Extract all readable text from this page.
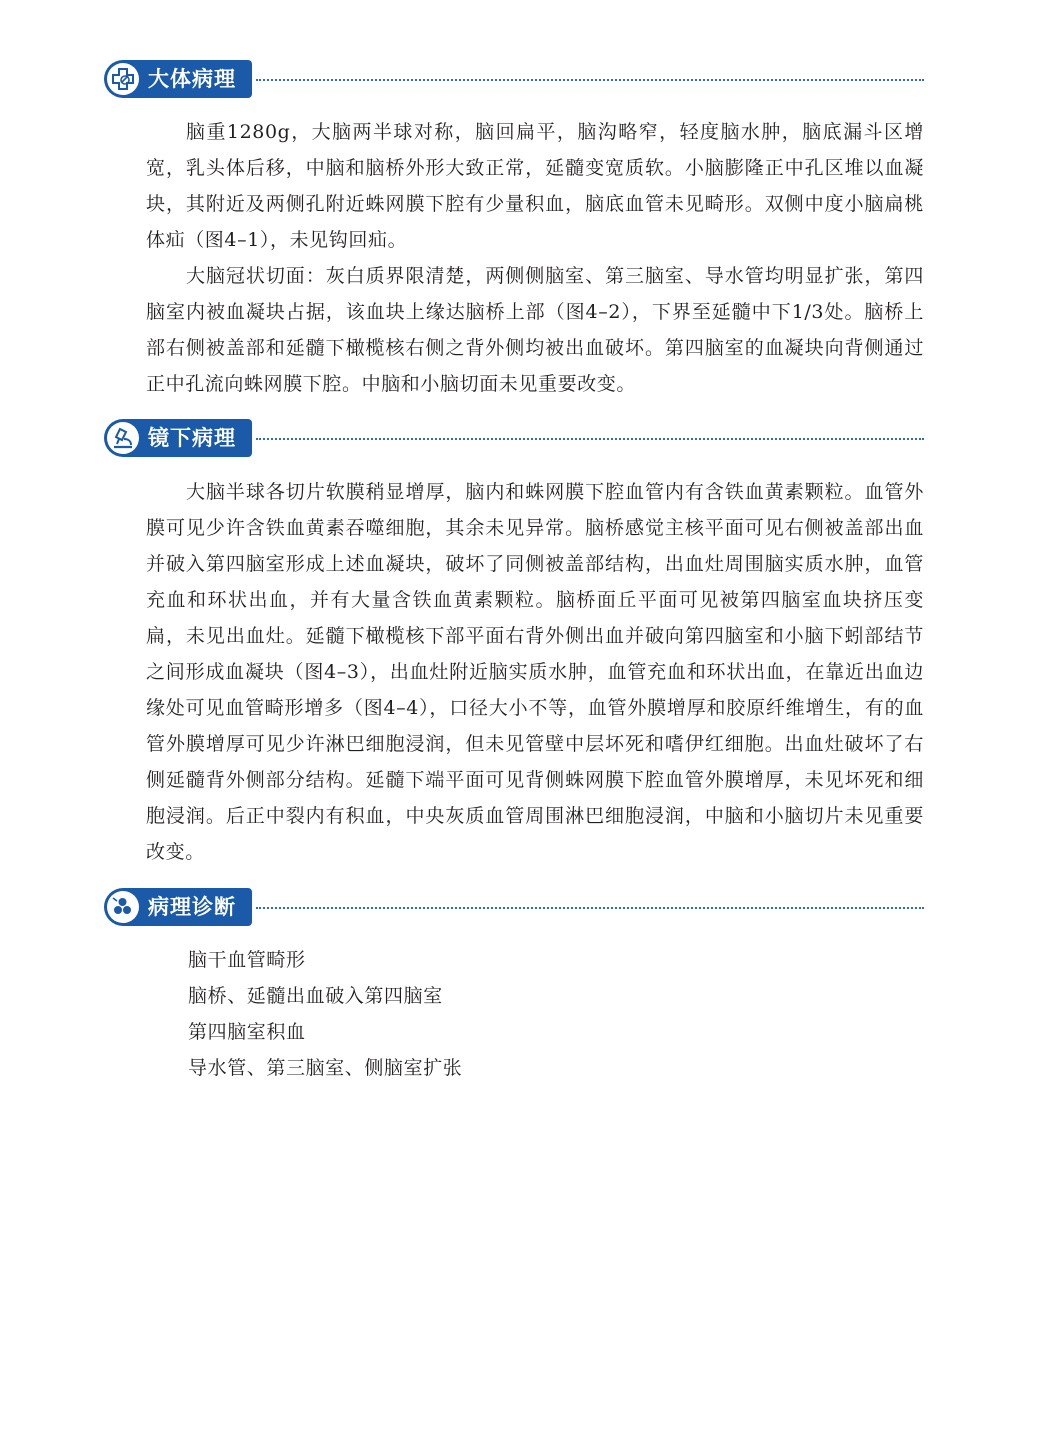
大体病理

脑重1280g，大脑两半球对称，脑回扁平，脑沟略窄，轻度脑水肿，脑底漏斗区增宽，乳头体后移，中脑和脑桥外形大致正常，延髓变宽质软。小脑膨隆正中孔区堆以血凝块，其附近及两侧孔附近蛛网膜下腔有少量积血，脑底血管未见畸形。双侧中度小脑扁桃体疝（图4–1），未见钩回疝。

大脑冠状切面：灰白质界限清楚，两侧侧脑室、第三脑室、导水管均明显扩张，第四脑室内被血凝块占据，该血块上缘达脑桥上部（图4–2），下界至延髓中下1/3处。脑桥上部右侧被盖部和延髓下橄榄核右侧之背外侧均被出血破坏。第四脑室的血凝块向背侧通过正中孔流向蛛网膜下腔。中脑和小脑切面未见重要改变。

镜下病理

大脑半球各切片软膜稍显增厚，脑内和蛛网膜下腔血管内有含铁血黄素颗粒。血管外膜可见少许含铁血黄素吞噬细胞，其余未见异常。脑桥感觉主核平面可见右侧被盖部出血并破入第四脑室形成上述血凝块，破坏了同侧被盖部结构，出血灶周围脑实质水肿，血管充血和环状出血，并有大量含铁血黄素颗粒。脑桥面丘平面可见被第四脑室血块挤压变扁，未见出血灶。延髓下橄榄核下部平面右背外侧出血并破向第四脑室和小脑下蚓部结节之间形成血凝块（图4–3），出血灶附近脑实质水肿，血管充血和环状出血，在靠近出血边缘处可见血管畸形增多（图4–4），口径大小不等，血管外膜增厚和胶原纤维增生，有的血管外膜增厚可见少许淋巴细胞浸润，但未见管壁中层坏死和嗜伊红细胞。出血灶破坏了右侧延髓背外侧部分结构。延髓下端平面可见背侧蛛网膜下腔血管外膜增厚，未见坏死和细胞浸润。后正中裂内有积血，中央灰质血管周围淋巴细胞浸润，中脑和小脑切片未见重要改变。

病理诊断
脑干血管畸形
脑桥、延髓出血破入第四脑室
第四脑室积血
导水管、第三脑室、侧脑室扩张
